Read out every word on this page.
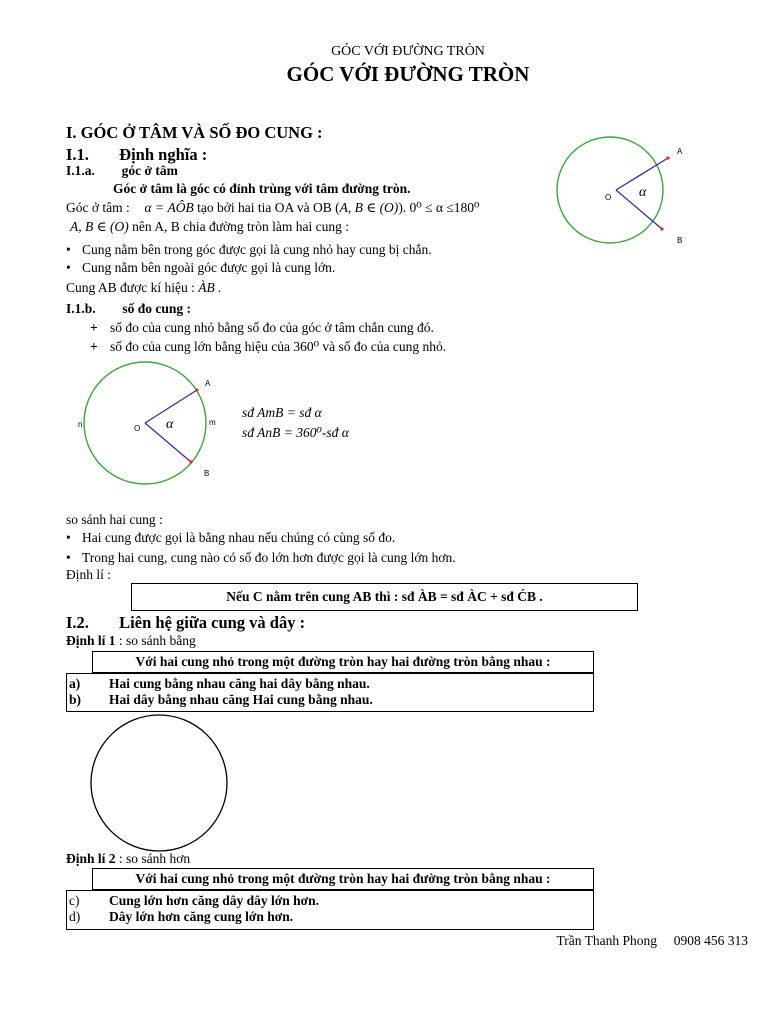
GÓC VỚI ĐƯỜNG TRÒN
GÓC VỚI ĐƯỜNG TRÒN
I. GÓC Ở TÂM VÀ SỐ ĐO CUNG :
I.1. Định nghĩa :
I.1.a. góc ở tâm
Góc ở tâm là góc có đỉnh trùng với tâm đường tròn.
Góc ở tâm : α = AÔB tạo bởi hai tia OA và OB (A, B ∈ (O)). 0⁰ ≤ α ≤180⁰
A, B ∈ (O) nên A, B chia đường tròn làm hai cung :
• Cung nằm bên trong góc được gọi là cung nhỏ hay cung bị chắn.
• Cung nằm bên ngoài góc được gọi là cung lớn.
Cung AB được kí hiệu : ÀB .
I.1.b. số đo cung :
+ số đo của cung nhỏ bằng số đo của góc ở tâm chắn cung đó.
+ số đo của cung lớn bằng hiệu của 360⁰ và số đo của cung nhỏ.
O
A
B
α
O
A
B
n	m
α
sđ AmB = sđ α
sđ AnB = 360⁰-sđ α
so sánh hai cung :
• Hai cung được gọi là bằng nhau nếu chúng có cùng số đo.
• Trong hai cung, cung nào có số đo lớn hơn được gọi là cung lớn hơn.
Định lí :
Nếu C nằm trên cung AB thì : sđ ÀB = sđ ÀC + sđ ĆB .
I.2. Liên hệ giữa cung và dây :
Định lí 1 : so sánh bằng
Với hai cung nhỏ trong một đường tròn hay hai đường tròn bằng nhau :
a)	Hai cung bằng nhau căng hai dây bằng nhau.
b)	Hai dây bằng nhau căng Hai cung bằng nhau.
Định lí 2 : so sánh hơn
Với hai cung nhỏ trong một đường tròn hay hai đường tròn bằng nhau :
c)	Cung lớn hơn căng dây dây lớn hơn.
d)	Dây lớn hơn căng cung lớn hơn.
Trần Thanh Phong 0908 456 313
